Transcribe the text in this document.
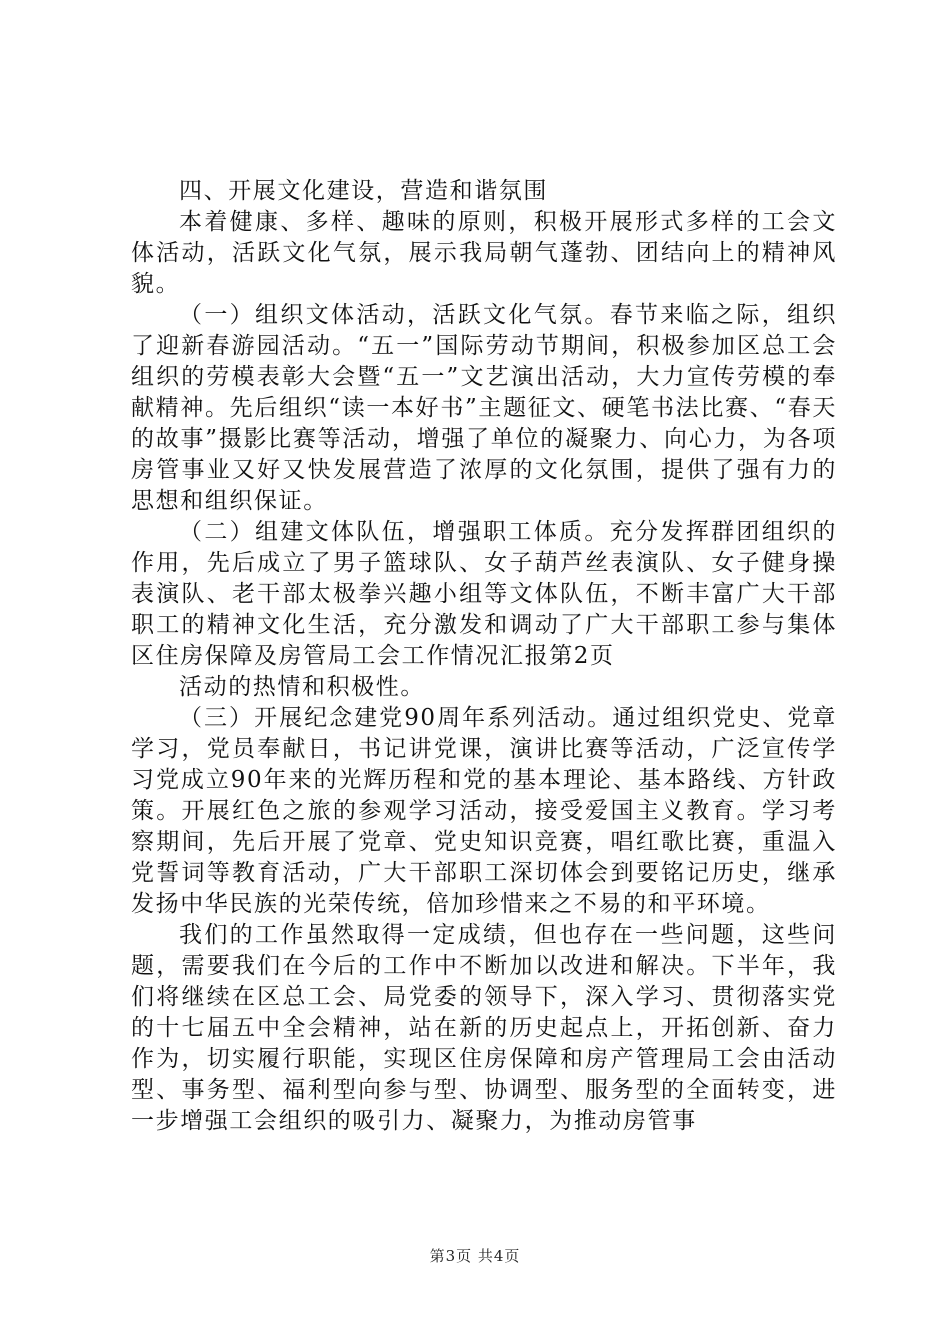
四、开展文化建设，营造和谐氛围

本着健康、多样、趣味的原则，积极开展形式多样的工会文体活动，活跃文化气氛，展示我局朝气蓬勃、团结向上的精神风貌。

（一）组织文体活动，活跃文化气氛。春节来临之际，组织了迎新春游园活动。“五一”国际劳动节期间，积极参加区总工会组织的劳模表彰大会暨“五一”文艺演出活动，大力宣传劳模的奉献精神。先后组织“读一本好书”主题征文、硬笔书法比赛、“春天的故事”摄影比赛等活动，增强了单位的凝聚力、向心力，为各项房管事业又好又快发展营造了浓厚的文化氛围，提供了强有力的思想和组织保证。

（二）组建文体队伍，增强职工体质。充分发挥群团组织的作用，先后成立了男子篮球队、女子葫芦丝表演队、女子健身操表演队、老干部太极拳兴趣小组等文体队伍，不断丰富广大干部职工的精神文化生活，充分激发和调动了广大干部职工参与集体区住房保障及房管局工会工作情况汇报第2页

活动的热情和积极性。

（三）开展纪念建党90周年系列活动。通过组织党史、党章学习，党员奉献日，书记讲党课，演讲比赛等活动，广泛宣传学习党成立90年来的光辉历程和党的基本理论、基本路线、方针政策。开展红色之旅的参观学习活动，接受爱国主义教育。学习考察期间，先后开展了党章、党史知识竞赛，唱红歌比赛，重温入党誓词等教育活动，广大干部职工深切体会到要铭记历史，继承发扬中华民族的光荣传统，倍加珍惜来之不易的和平环境。

我们的工作虽然取得一定成绩，但也存在一些问题，这些问题，需要我们在今后的工作中不断加以改进和解决。下半年，我们将继续在区总工会、局党委的领导下，深入学习、贯彻落实党的十七届五中全会精神，站在新的历史起点上，开拓创新、奋力作为，切实履行职能，实现区住房保障和房产管理局工会由活动型、事务型、福利型向参与型、协调型、服务型的全面转变，进一步增强工会组织的吸引力、凝聚力，为推动房管事

第3页 共4页
